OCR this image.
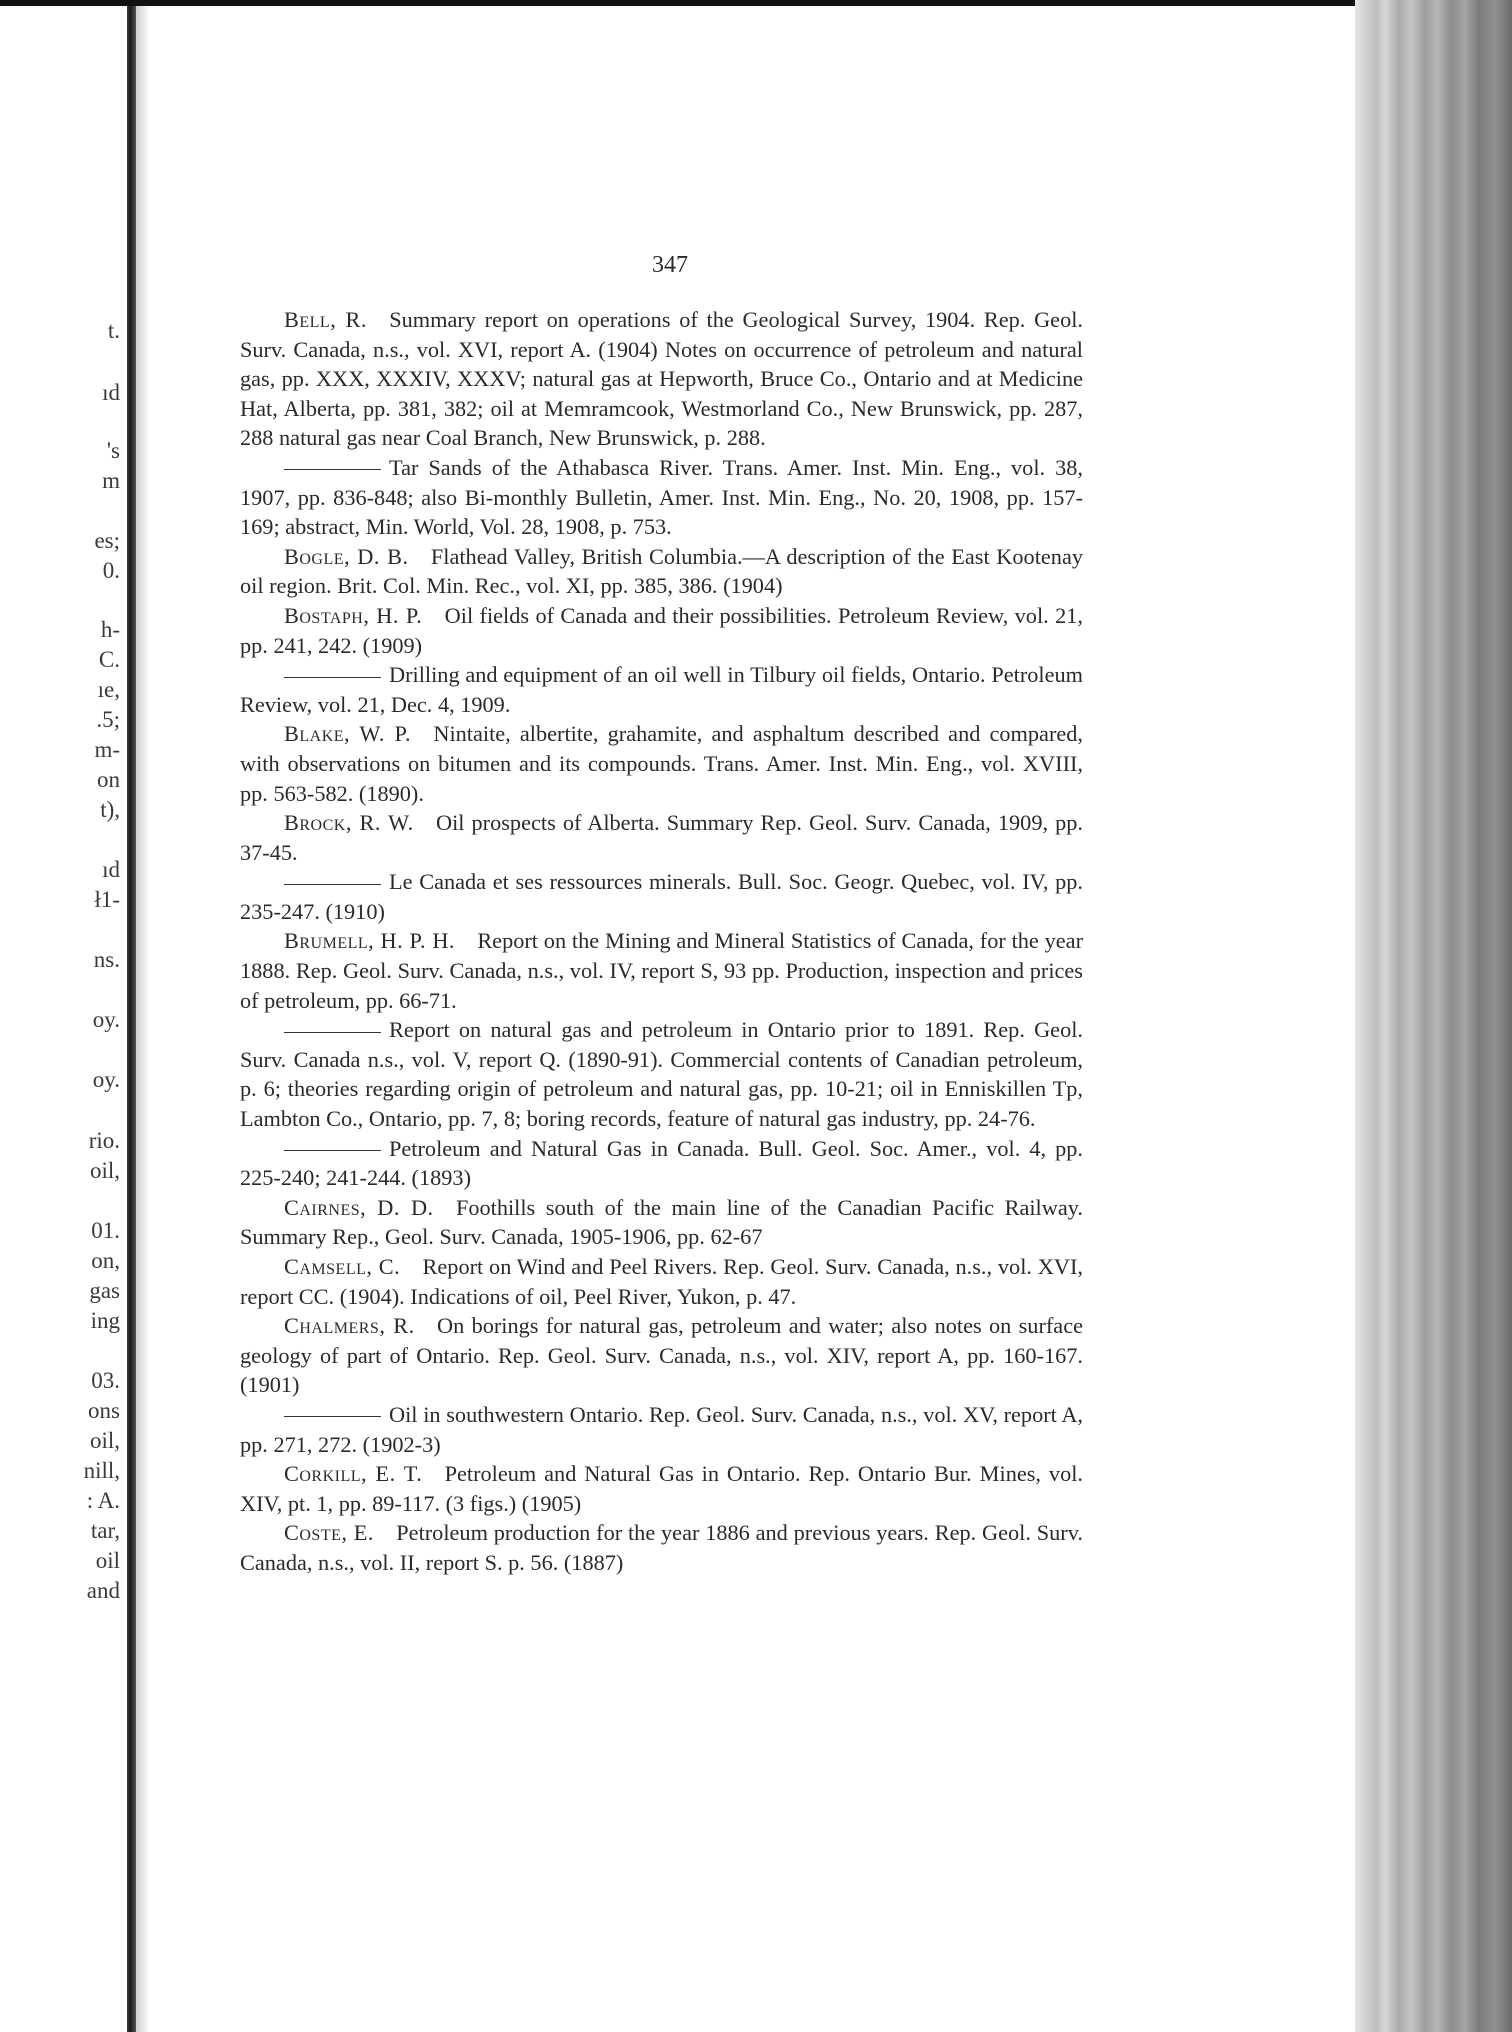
t.
ıd
's
m
es;
0.
h-
C.
ıe,
.5;
m-
on
t),
ıd
ł1-
ns.
oy.
oy.
rio.
oil,
01.
on,
gas
ing
03.
ons
oil,
nill,
: A.
tar,
oil
and
347

Bell, R.  Summary report on operations of the Geological Survey, 1904. Rep. Geol. Surv. Canada, n.s., vol. XVI, report A. (1904) Notes on occurrence of petroleum and natural gas, pp. XXX, XXXIV, XXXV; natural gas at Hepworth, Bruce Co., Ontario and at Medicine Hat, Alberta, pp. 381, 382; oil at Memramcook, Westmorland Co., New Brunswick, pp. 287, 288 natural gas near Coal Branch, New Brunswick, p. 288.

Tar Sands of the Athabasca River. Trans. Amer. Inst. Min. Eng., vol. 38, 1907, pp. 836-848; also Bi-monthly Bulletin, Amer. Inst. Min. Eng., No. 20, 1908, pp. 157-169; abstract, Min. World, Vol. 28, 1908, p. 753.

Bogle, D. B.  Flathead Valley, British Columbia.—A description of the East Kootenay oil region. Brit. Col. Min. Rec., vol. XI, pp. 385, 386. (1904)

Bostaph, H. P.  Oil fields of Canada and their possibilities. Petroleum Review, vol. 21, pp. 241, 242. (1909)

Drilling and equipment of an oil well in Tilbury oil fields, Ontario. Petroleum Review, vol. 21, Dec. 4, 1909.

Blake, W. P.  Nintaite, albertite, grahamite, and asphaltum described and compared, with observations on bitumen and its compounds. Trans. Amer. Inst. Min. Eng., vol. XVIII, pp. 563-582. (1890).

Brock, R. W.  Oil prospects of Alberta. Summary Rep. Geol. Surv. Canada, 1909, pp. 37-45.

Le Canada et ses ressources minerals. Bull. Soc. Geogr. Quebec, vol. IV, pp. 235-247. (1910)

Brumell, H. P. H.  Report on the Mining and Mineral Statistics of Canada, for the year 1888. Rep. Geol. Surv. Canada, n.s., vol. IV, report S, 93 pp. Production, inspection and prices of petroleum, pp. 66-71.

Report on natural gas and petroleum in Ontario prior to 1891. Rep. Geol. Surv. Canada n.s., vol. V, report Q. (1890-91). Commercial contents of Canadian petroleum, p. 6; theories regarding origin of petroleum and natural gas, pp. 10-21; oil in Enniskillen Tp, Lambton Co., Ontario, pp. 7, 8; boring records, feature of natural gas industry, pp. 24-76.

Petroleum and Natural Gas in Canada. Bull. Geol. Soc. Amer., vol. 4, pp. 225-240; 241-244. (1893)

Cairnes, D. D.  Foothills south of the main line of the Canadian Pacific Railway. Summary Rep., Geol. Surv. Canada, 1905-1906, pp. 62-67

Camsell, C.  Report on Wind and Peel Rivers. Rep. Geol. Surv. Canada, n.s., vol. XVI, report CC. (1904). Indications of oil, Peel River, Yukon, p. 47.

Chalmers, R.  On borings for natural gas, petroleum and water; also notes on surface geology of part of Ontario. Rep. Geol. Surv. Canada, n.s., vol. XIV, report A, pp. 160-167. (1901)

Oil in southwestern Ontario. Rep. Geol. Surv. Canada, n.s., vol. XV, report A, pp. 271, 272. (1902-3)

Corkill, E. T.  Petroleum and Natural Gas in Ontario. Rep. Ontario Bur. Mines, vol. XIV, pt. 1, pp. 89-117. (3 figs.) (1905)

Coste, E.  Petroleum production for the year 1886 and previous years. Rep. Geol. Surv. Canada, n.s., vol. II, report S. p. 56. (1887)
